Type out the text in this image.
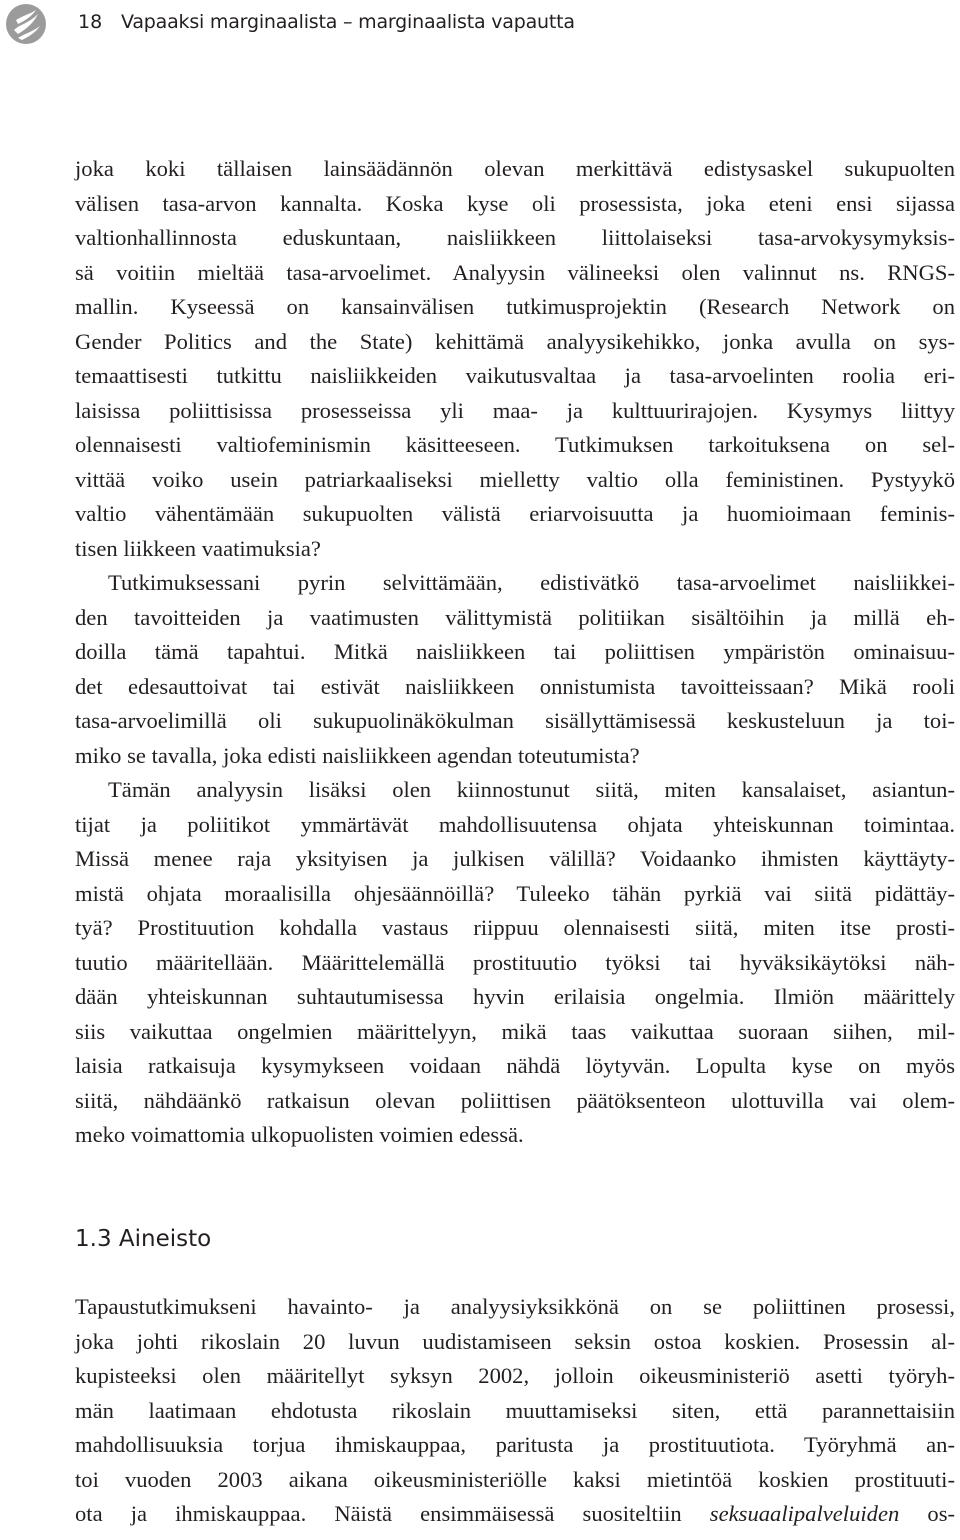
18 Vapaaksi marginaalista – marginaalista vapautta
joka koki tällaisen lainsäädännön olevan merkittävä edistysaskel sukupuolten
välisen tasa-arvon kannalta. Koska kyse oli prosessista, joka eteni ensi sijassa
valtionhallinnosta eduskuntaan, naisliikkeen liittolaiseksi tasa-arvokysymyksis-
sä voitiin mieltää tasa-arvoelimet. Analyysin välineeksi olen valinnut ns. RNGS-
mallin. Kyseessä on kansainvälisen tutkimusprojektin (Research Network on
Gender Politics and the State) kehittämä analyysikehikko, jonka avulla on sys-
temaattisesti tutkittu naisliikkeiden vaikutusvaltaa ja tasa-arvoelinten roolia eri-
laisissa poliittisissa prosesseissa yli maa- ja kulttuurirajojen. Kysymys liittyy
olennaisesti valtiofeminismin käsitteeseen. Tutkimuksen tarkoituksena on sel-
vittää voiko usein patriarkaaliseksi mielletty valtio olla feministinen. Pystyykö
valtio vähentämään sukupuolten välistä eriarvoisuutta ja huomioimaan feminis-
tisen liikkeen vaatimuksia?
Tutkimuksessani pyrin selvittämään, edistivätkö tasa-arvoelimet naisliikkei-
den tavoitteiden ja vaatimusten välittymistä politiikan sisältöihin ja millä eh-
doilla tämä tapahtui. Mitkä naisliikkeen tai poliittisen ympäristön ominaisuu-
det edesauttoivat tai estivät naisliikkeen onnistumista tavoitteissaan? Mikä rooli
tasa-arvoelimillä oli sukupuolinäkökulman sisällyttämisessä keskusteluun ja toi-
miko se tavalla, joka edisti naisliikkeen agendan toteutumista?
Tämän analyysin lisäksi olen kiinnostunut siitä, miten kansalaiset, asiantun-
tijat ja poliitikot ymmärtävät mahdollisuutensa ohjata yhteiskunnan toimintaa.
Missä menee raja yksityisen ja julkisen välillä? Voidaanko ihmisten käyttäyty-
mistä ohjata moraalisilla ohjesäännöillä? Tuleeko tähän pyrkiä vai siitä pidättäy-
tyä? Prostituution kohdalla vastaus riippuu olennaisesti siitä, miten itse prosti-
tuutio määritellään. Määrittelemällä prostituutio työksi tai hyväksikäytöksi näh-
dään yhteiskunnan suhtautumisessa hyvin erilaisia ongelmia. Ilmiön määrittely
siis vaikuttaa ongelmien määrittelyyn, mikä taas vaikuttaa suoraan siihen, mil-
laisia ratkaisuja kysymykseen voidaan nähdä löytyvän. Lopulta kyse on myös
siitä, nähdäänkö ratkaisun olevan poliittisen päätöksenteon ulottuvilla vai olem-
meko voimattomia ulkopuolisten voimien edessä.
1.3 Aineisto
Tapaustutkimukseni havainto- ja analyysiyksikkönä on se poliittinen prosessi,
joka johti rikoslain 20 luvun uudistamiseen seksin ostoa koskien. Prosessin al-
kupisteeksi olen määritellyt syksyn 2002, jolloin oikeusministeriö asetti työryh-
män laatimaan ehdotusta rikoslain muuttamiseksi siten, että parannettaisiin
mahdollisuuksia torjua ihmiskauppaa, paritusta ja prostituutiota. Työryhmä an-
toi vuoden 2003 aikana oikeusministeriölle kaksi mietintöä koskien prostituuti-
ota ja ihmiskauppaa. Näistä ensimmäisessä suositeltiin seksuaalipalveluiden os-
